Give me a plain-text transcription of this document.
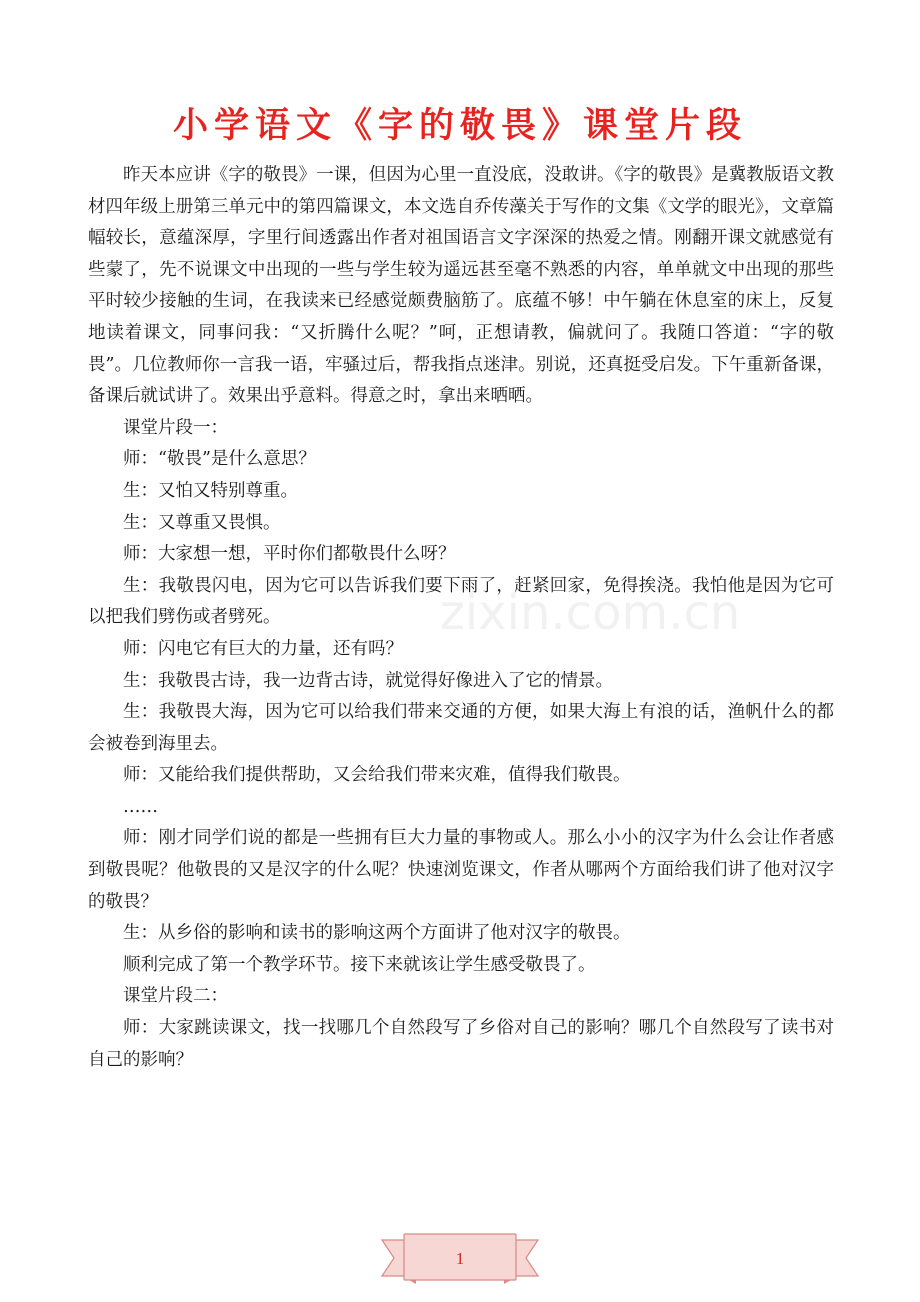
小学语文《字的敬畏》课堂片段

昨天本应讲《字的敬畏》一课，但因为心里一直没底，没敢讲。《字的敬畏》是冀教版语文教材四年级上册第三单元中的第四篇课文，本文选自乔传藻关于写作的文集《文学的眼光》，文章篇幅较长，意蕴深厚，字里行间透露出作者对祖国语言文字深深的热爱之情。刚翻开课文就感觉有些蒙了，先不说课文中出现的一些与学生较为遥远甚至毫不熟悉的内容，单单就文中出现的那些平时较少接触的生词，在我读来已经感觉颇费脑筋了。底蕴不够！中午躺在休息室的床上，反复地读着课文，同事问我：“又折腾什么呢？”呵，正想请教，偏就问了。我随口答道：“字的敬畏”。几位教师你一言我一语，牢骚过后，帮我指点迷津。别说，还真挺受启发。下午重新备课，备课后就试讲了。效果出乎意料。得意之时，拿出来晒晒。

课堂片段一：

师：“敬畏”是什么意思？

生：又怕又特别尊重。

生：又尊重又畏惧。

师：大家想一想，平时你们都敬畏什么呀？

生：我敬畏闪电，因为它可以告诉我们要下雨了，赶紧回家，免得挨浇。我怕他是因为它可以把我们劈伤或者劈死。

师：闪电它有巨大的力量，还有吗？

生：我敬畏古诗，我一边背古诗，就觉得好像进入了它的情景。

生：我敬畏大海，因为它可以给我们带来交通的方便，如果大海上有浪的话，渔帆什么的都会被卷到海里去。

师：又能给我们提供帮助，又会给我们带来灾难，值得我们敬畏。

……

师：刚才同学们说的都是一些拥有巨大力量的事物或人。那么小小的汉字为什么会让作者感到敬畏呢？他敬畏的又是汉字的什么呢？快速浏览课文，作者从哪两个方面给我们讲了他对汉字的敬畏？

生：从乡俗的影响和读书的影响这两个方面讲了他对汉字的敬畏。

顺利完成了第一个教学环节。接下来就该让学生感受敬畏了。

课堂片段二：

师：大家跳读课文，找一找哪几个自然段写了乡俗对自己的影响？哪几个自然段写了读书对自己的影响？

zixin.com.cn
1
